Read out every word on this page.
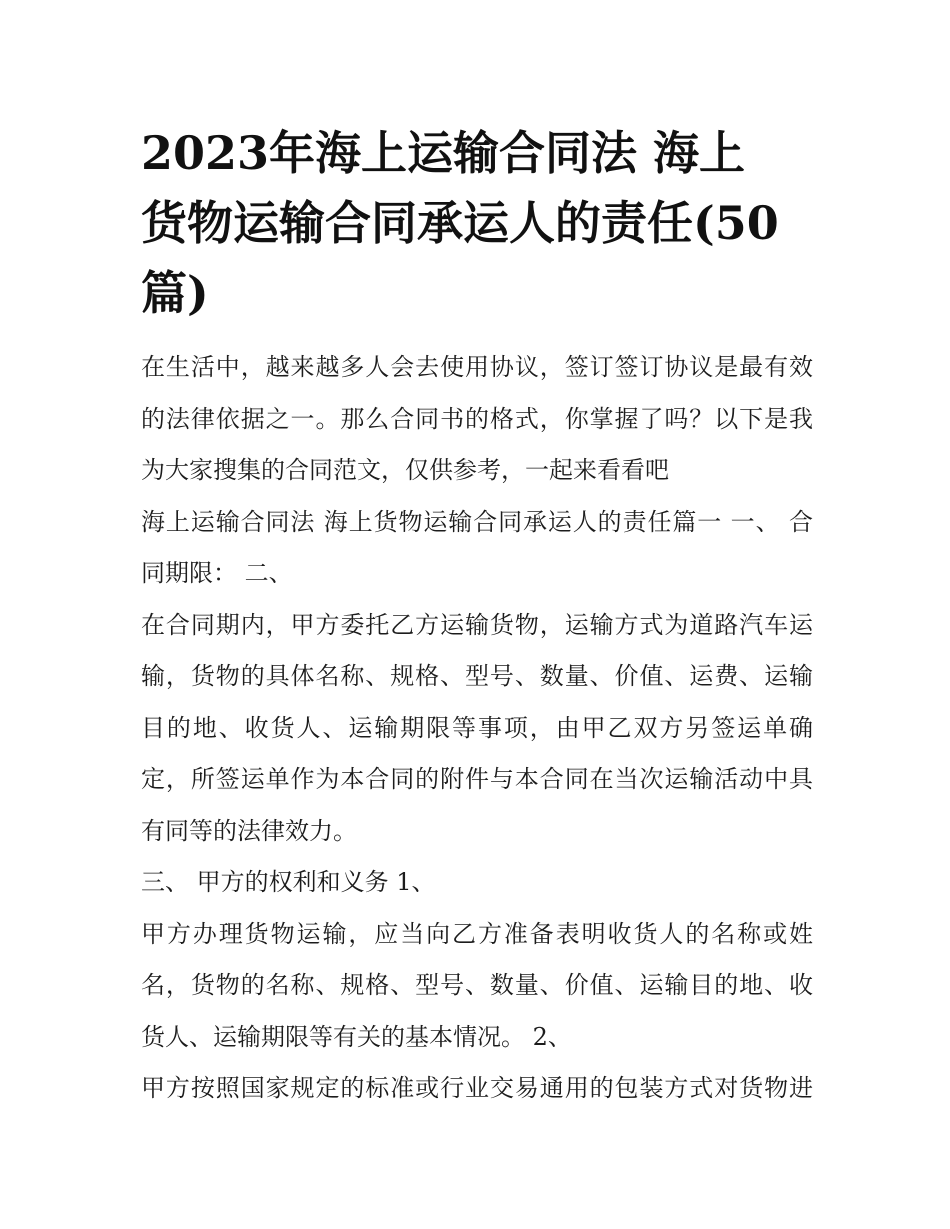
2023年海上运输合同法 海上
货物运输合同承运人的责任(50
篇)

在生活中，越来越多人会去使用协议，签订签订协议是最有效
的法律依据之一。那么合同书的格式，你掌握了吗？以下是我
为大家搜集的合同范文，仅供参考，一起来看看吧

海上运输合同法 海上货物运输合同承运人的责任篇一 一、 合
同期限： 二、

在合同期内，甲方委托乙方运输货物，运输方式为道路汽车运
输，货物的具体名称、规格、型号、数量、价值、运费、运输
目的地、收货人、运输期限等事项，由甲乙双方另签运单确
定，所签运单作为本合同的附件与本合同在当次运输活动中具
有同等的法律效力。

三、 甲方的权利和义务 1、

甲方办理货物运输，应当向乙方准备表明收货人的名称或姓
名，货物的名称、规格、型号、数量、价值、运输目的地、收
货人、运输期限等有关的基本情况。 2、

甲方按照国家规定的标准或行业交易通用的包装方式对货物进
